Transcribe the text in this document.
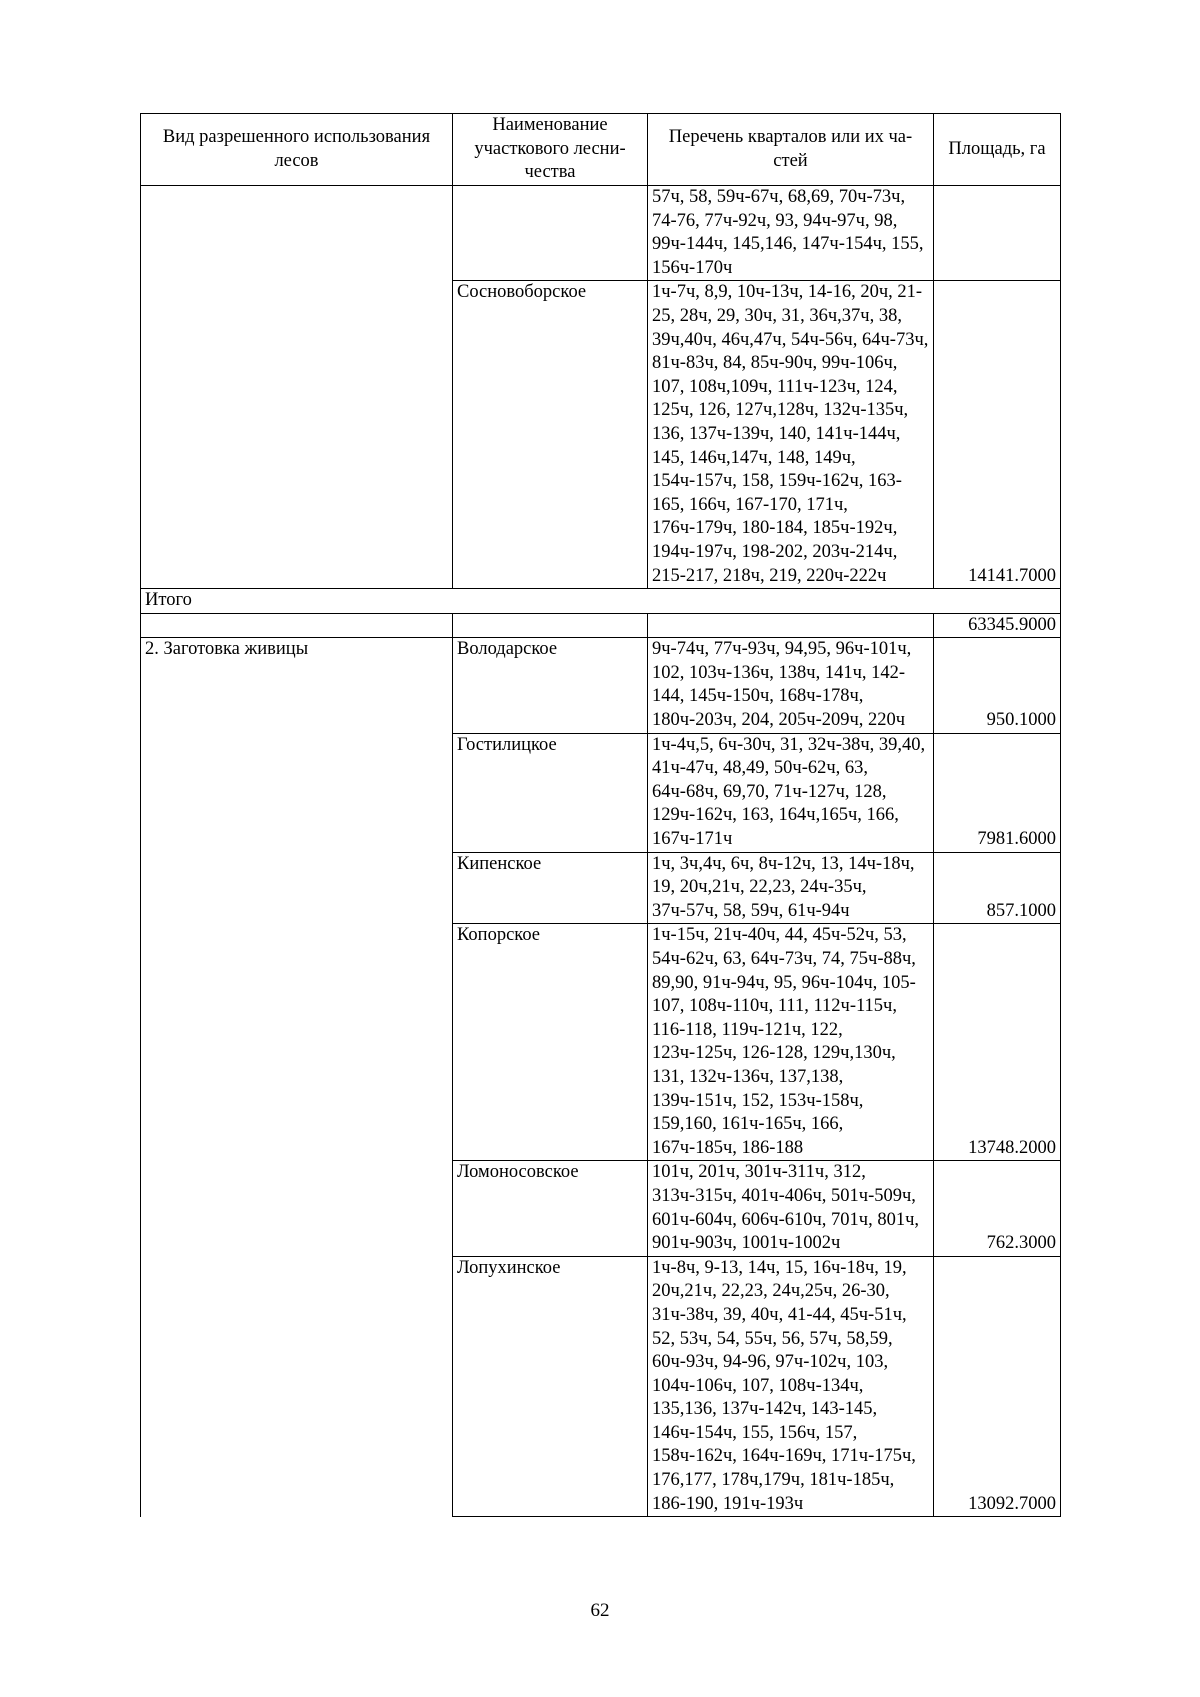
Вид разрешенного использования лесов	Наименование участкового лесни-чества	Перечень кварталов или их ча-стей	Площадь, га
		57ч, 58, 59ч-67ч, 68,69, 70ч-73ч, 74-76, 77ч-92ч, 93, 94ч-97ч, 98, 99ч-144ч, 145,146, 147ч-154ч, 155, 156ч-170ч	
	Сосновоборское	1ч-7ч, 8,9, 10ч-13ч, 14-16, 20ч, 21-25, 28ч, 29, 30ч, 31, 36ч,37ч, 38, 39ч,40ч, 46ч,47ч, 54ч-56ч, 64ч-73ч, 81ч-83ч, 84, 85ч-90ч, 99ч-106ч, 107, 108ч,109ч, 111ч-123ч, 124, 125ч, 126, 127ч,128ч, 132ч-135ч, 136, 137ч-139ч, 140, 141ч-144ч, 145, 146ч,147ч, 148, 149ч, 154ч-157ч, 158, 159ч-162ч, 163-165, 166ч, 167-170, 171ч, 176ч-179ч, 180-184, 185ч-192ч, 194ч-197ч, 198-202, 203ч-214ч, 215-217, 218ч, 219, 220ч-222ч	14141.7000
Итого			
			63345.9000
2. Заготовка живицы	Володарское	9ч-74ч, 77ч-93ч, 94,95, 96ч-101ч, 102, 103ч-136ч, 138ч, 141ч, 142-144, 145ч-150ч, 168ч-178ч, 180ч-203ч, 204, 205ч-209ч, 220ч	950.1000
	Гостилицкое	1ч-4ч,5, 6ч-30ч, 31, 32ч-38ч, 39,40, 41ч-47ч, 48,49, 50ч-62ч, 63, 64ч-68ч, 69,70, 71ч-127ч, 128, 129ч-162ч, 163, 164ч,165ч, 166, 167ч-171ч	7981.6000
	Кипенское	1ч, 3ч,4ч, 6ч, 8ч-12ч, 13, 14ч-18ч, 19, 20ч,21ч, 22,23, 24ч-35ч, 37ч-57ч, 58, 59ч, 61ч-94ч	857.1000
	Копорское	1ч-15ч, 21ч-40ч, 44, 45ч-52ч, 53, 54ч-62ч, 63, 64ч-73ч, 74, 75ч-88ч, 89,90, 91ч-94ч, 95, 96ч-104ч, 105-107, 108ч-110ч, 111, 112ч-115ч, 116-118, 119ч-121ч, 122, 123ч-125ч, 126-128, 129ч,130ч, 131, 132ч-136ч, 137,138, 139ч-151ч, 152, 153ч-158ч, 159,160, 161ч-165ч, 166, 167ч-185ч, 186-188	13748.2000
	Ломоносовское	101ч, 201ч, 301ч-311ч, 312, 313ч-315ч, 401ч-406ч, 501ч-509ч, 601ч-604ч, 606ч-610ч, 701ч, 801ч, 901ч-903ч, 1001ч-1002ч	762.3000
	Лопухинское	1ч-8ч, 9-13, 14ч, 15, 16ч-18ч, 19, 20ч,21ч, 22,23, 24ч,25ч, 26-30, 31ч-38ч, 39, 40ч, 41-44, 45ч-51ч, 52, 53ч, 54, 55ч, 56, 57ч, 58,59, 60ч-93ч, 94-96, 97ч-102ч, 103, 104ч-106ч, 107, 108ч-134ч, 135,136, 137ч-142ч, 143-145, 146ч-154ч, 155, 156ч, 157, 158ч-162ч, 164ч-169ч, 171ч-175ч, 176,177, 178ч,179ч, 181ч-185ч, 186-190, 191ч-193ч	13092.7000
62
